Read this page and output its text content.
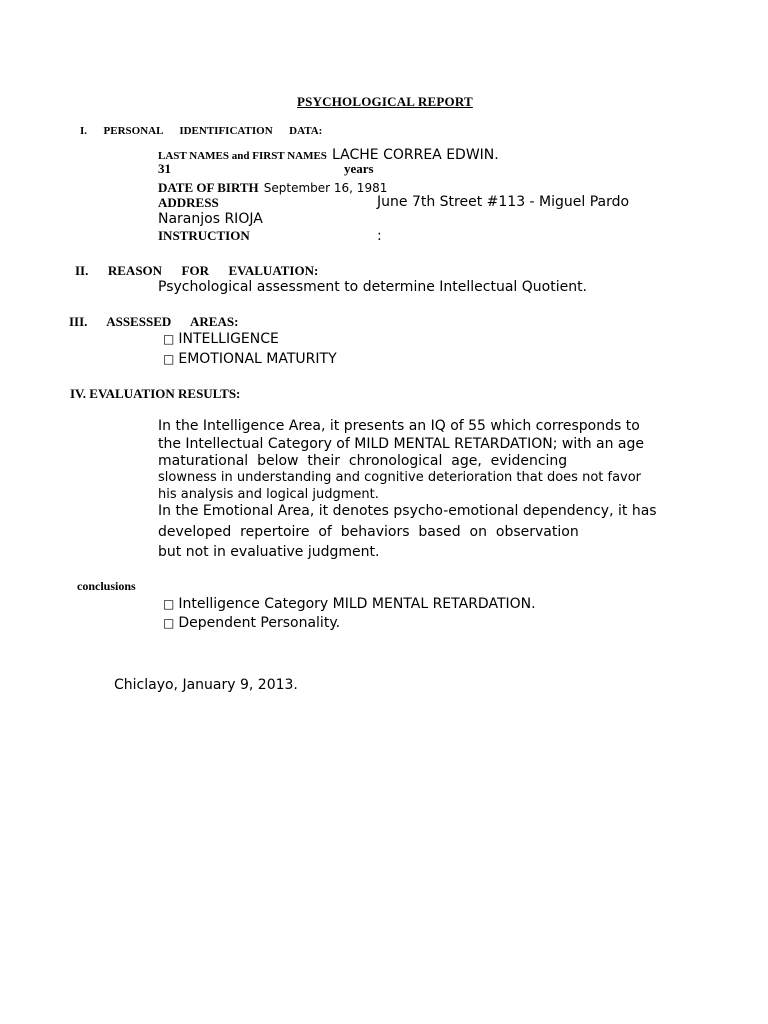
PSYCHOLOGICAL REPORT
I.      PERSONAL      IDENTIFICATION      DATA:
LAST NAMES and FIRST NAMES LACHE CORREA EDWIN.
31	years
DATE OF BIRTH September 16, 1981
ADDRESS	June 7th Street #113 - Miguel Pardo
Naranjos RIOJA
INSTRUCTION	:
II.      REASON      FOR      EVALUATION:
Psychological assessment to determine Intellectual Quotient.
III.      ASSESSED      AREAS:
□ INTELLIGENCE
□ EMOTIONAL MATURITY
IV. EVALUATION RESULTS:
In the Intelligence Area, it presents an IQ of 55 which corresponds to
the Intellectual Category of MILD MENTAL RETARDATION; with an age
maturational  below  their  chronological  age,  evidencing
slowness in understanding and cognitive deterioration that does not favor
his analysis and logical judgment.
In the Emotional Area, it denotes psycho-emotional dependency, it has
developed  repertoire  of  behaviors  based  on  observation
but not in evaluative judgment.
conclusions
□ Intelligence Category MILD MENTAL RETARDATION.
□ Dependent Personality.
Chiclayo, January 9, 2013.
